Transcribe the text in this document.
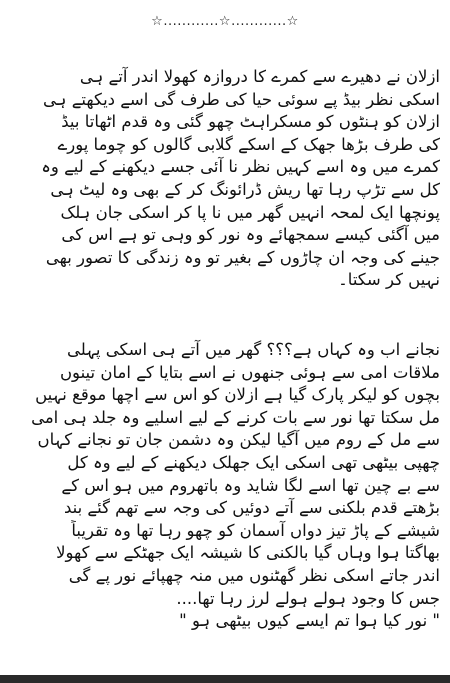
☆............☆............☆
ازلان نے دھیرے سے کمرے کا دروازہ کھولا اندر آتے ہی
اسکی نظر بیڈ پے سوئی حیا کی طرف گی اسے دیکھتے ہی
ازلان کو ہنٹوں کو مسکراہٹ چھو گئی وہ قدم اٹھاتا بیڈ
کی طرف بڑھا جھک کے اسکے گلابی گالوں کو چوما پورے
کمرے میں وہ اسے کہیں نظر نا آئی جسے دیکھنے کے لیے وہ
کل سے تڑپ رہا تھا ریش ڈرائونگ کر کے بھی وہ لیٹ ہی
پونچھا ایک لمحہ انہیں گھر میں نا پا کر اسکی جان ہلک
میں آگئی کیسے سمجھائے وہ نور کو وہی تو ہے اس کی
جینے کی وجہ ان چاڑوں کے بغیر تو وہ زندگی کا تصور بھی
نہیں کر سکتا۔
نجانے اب وہ کہاں ہے؟؟؟ گھر میں آتے ہی اسکی پہلی
ملاقات امی سے ہوئی جنھوں نے اسے بتایا کے امان تینوں
بچوں کو لیکر پارک گیا ہے ازلان کو اس سے اچھا موقع نہیں
مل سکتا تھا نور سے بات کرنے کے لیے اسلیے وہ جلد ہی امی
سے مل کے روم میں آگیا لیکن وہ دشمن جان تو نجانے کہاں
چھپی بیٹھی تھی اسکی ایک جھلک دیکھنے کے لیے وہ کل
سے بے چین تھا اسے لگا شاید وہ باتھروم میں ہو اس کے
بڑھتے قدم بلکنی سے آتے دوئیں کی وجہ سے تھم گئے بند
شیشے کے پاڑ تیز دواں آسمان کو چھو رہا تھا وہ تقریباً
بھاگتا ہوا وہاں گیا بالکنی کا شیشہ ایک جھٹکے سے کھولا
اندر جاتے اسکی نظر گھٹنوں میں منہ چھپائے نور پے گی
جس کا وجود ہولے ہولے لرز رہا تھا....
" نور کیا ہوا تم ایسے کیوں بیٹھی ہو "
